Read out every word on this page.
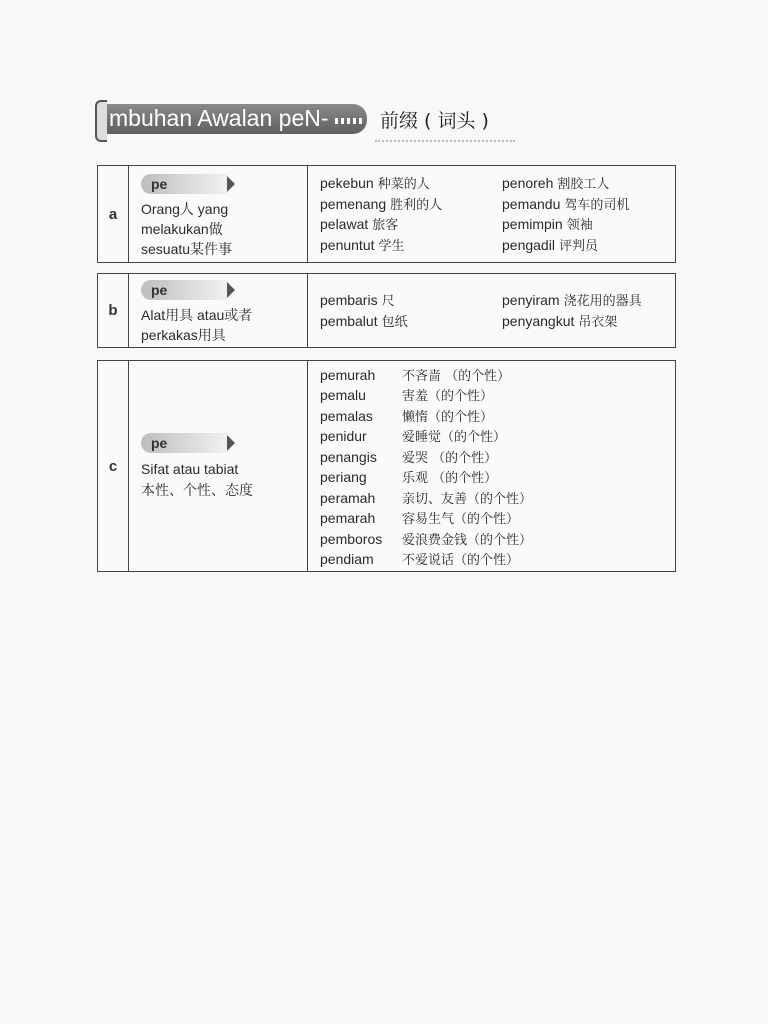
mbuhan Awalan peN-	前缀 ( 词头 )
a
pe
Orang人 yang
melakukan做
sesuatu某件事
pekebun 种菜的人	penoreh 割胶工人
pemenang 胜利的人	pemandu 驾车的司机
pelawat 旅客	pemimpin 领袖
penuntut 学生	pengadil 评判员
b
pe
Alat用具 atau或者
perkakas用具
pembaris 尺	penyiram 浇花用的器具
pembalut 包纸	penyangkut 吊衣架
c
pe
Sifat atau tabiat
本性、个性、态度
pemurah 不吝啬 （的个性）
pemalu	害羞（的个性）
pemalas 懒惰（的个性）
penidur	爱睡觉（的个性）
penangis 爱哭 （的个性）
periang	乐观 （的个性）
peramah 亲切、友善（的个性）
pemarah 容易生气（的个性）
pemboros 爱浪费金钱（的个性）
pendiam 不爱说话（的个性）
